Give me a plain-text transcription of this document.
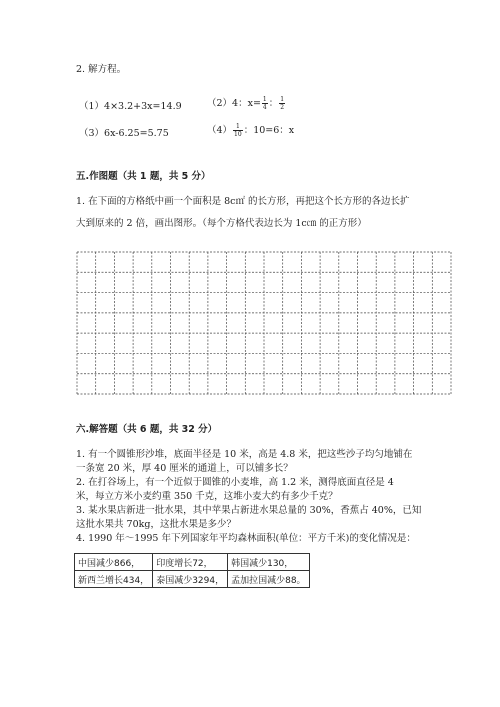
2. 解方程。
（1）4×3.2+3x=14.9	（2）4：$x= \frac{1}{4}$ ： $\frac{1}{2}$
（3）6x-6.25=5.75	$(4) \frac{1}{10}$ ：10=6：x
五.作图题（共 1 题，共 5 分）
1. 在下面的方格纸中画一个面积是 8c㎡ 的长方形，再把这个长方形的各边长扩
大到原来的 2 倍，画出图形。（每个方格代表边长为 1c㎝ 的正方形）
六.解答题（共 6 题，共 32 分）
1. 有一个圆锥形沙堆，底面半径是 10 米，高是 4.8 米，把这些沙子均匀地铺在
一条宽 20 米，厚 40 厘米的通道上，可以铺多长？
2. 在打谷场上，有一个近似于圆锥的小麦堆，高 1.2 米，测得底面直径是 4
米，每立方米小麦约重 350 千克，这堆小麦大约有多少千克？
3. 某水果店新进一批水果，其中苹果占新进水果总量的 30%，香蕉占 40%，已知
这批水果共 70kg，这批水果是多少？
4. 1990 年～1995 年下列国家年平均森林面积(单位：平方千米)的变化情况是：
中国减少866，	印度增长72，	韩国减少130，
新西兰增长434，	泰国减少3294，	孟加拉国减少88。
